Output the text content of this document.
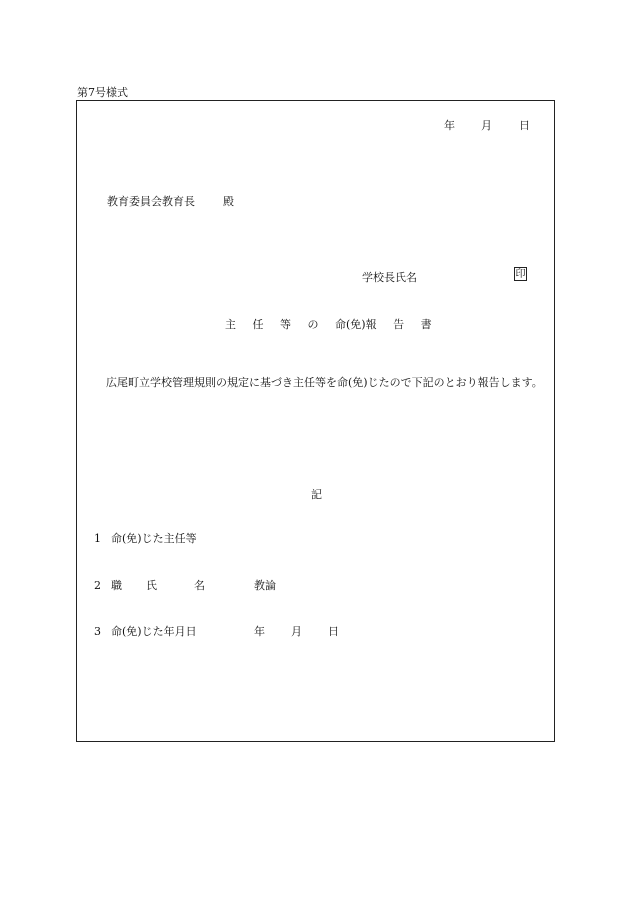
第7号様式
年 月 日
教育委員会教育長	殿
学校長氏名	印
主 任 等 の 命(免)報 告 書
広尾町立学校管理規則の規定に基づき主任等を命(免)じたので下記のとおり報告します。
記
1 命(免)じた主任等
2 職 氏	名	教論
3 命(免)じた年月日	年 月 日
